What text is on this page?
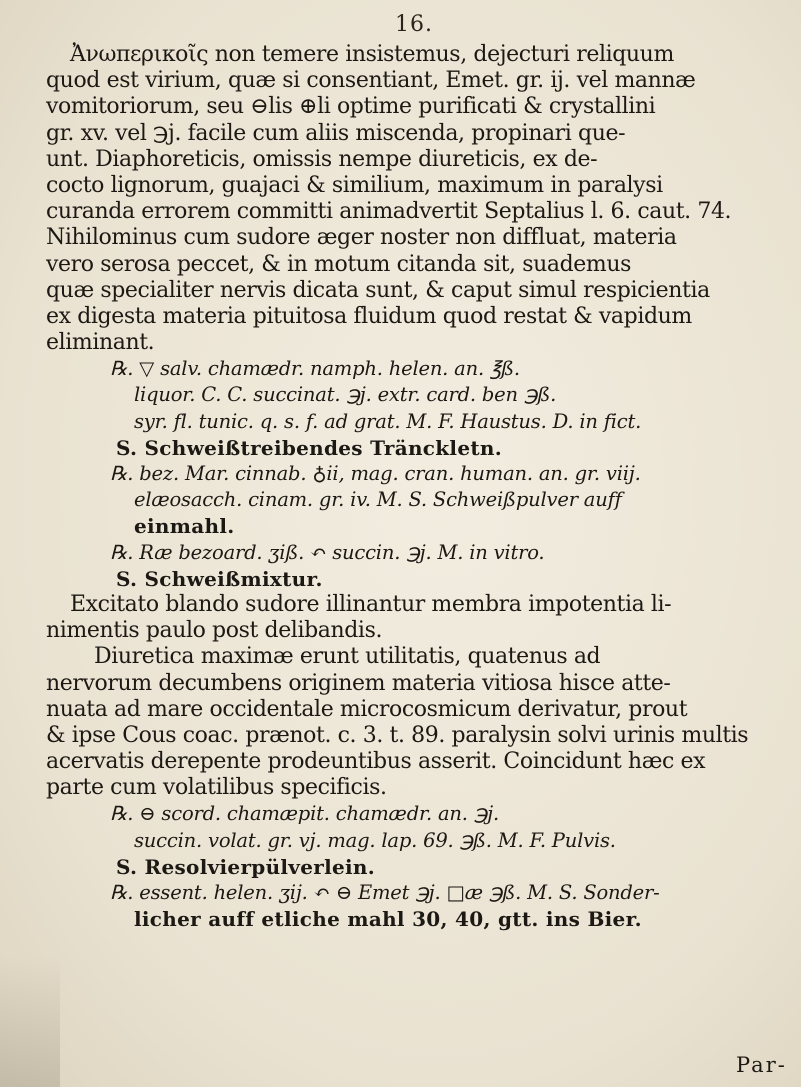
16.
Ἀνωπερικοῖς non temere insistemus, dejecturi reliquum
quod est virium, quæ si consentiant, Emet. gr. ij. vel mannæ
vomitoriorum, seu ⊖lis ⊕li optime purificati & crystallini
gr. xv. vel ℈j. facile cum aliis miscenda, propinari que-
unt. Diaphoreticis, omissis nempe diureticis, ex de-
cocto lignorum, guajaci & similium, maximum in paralysi
curanda errorem committi animadvertit Septalius l. 6. caut. 74.
Nihilominus cum sudore æger noster non diffluat, materia
vero serosa peccet, & in motum citanda sit, suademus
quæ specialiter nervis dicata sunt, & caput simul respicientia
ex digesta materia pituitosa fluidum quod restat & vapidum
eliminant.
℞. ▽ salv. chamædr. namph. helen. an. ℥ß.
liquor. C. C. succinat. ℈j. extr. card. ben ℈ß.
syr. fl. tunic. q. s. f. ad grat. M. F. Haustus. D. in fict.
S. Schweißtreibendes Tränckletn.
℞. bez. Mar. cinnab. ♁ii, mag. cran. human. an. gr. viij.
elæosacch. cinam. gr. iv. M. S. Schweißpulver auff
einmahl.
℞. Ræ bezoard. ʒiß. ↶ succin. ℈j. M. in vitro.
S. Schweißmixtur.
Excitato blando sudore illinantur membra impotentia li-
nimentis paulo post delibandis.
Diuretica maximæ erunt utilitatis, quatenus ad
nervorum decumbens originem materia vitiosa hisce atte-
nuata ad mare occidentale microcosmicum derivatur, prout
& ipse Cous coac. prænot. c. 3. t. 89. paralysin solvi urinis multis
acervatis derepente prodeuntibus asserit. Coincidunt hæc ex
parte cum volatilibus specificis.
℞. ⊖ scord. chamæpit. chamædr. an. ℈j.
succin. volat. gr. vj. mag. lap. 69. ℈ß. M. F. Pulvis.
S. Resolvierpülverlein.
℞. essent. helen. ʒij. ↶ ⊖ Emet ℈j. □æ ℈ß. M. S. Sonder-
licher auff etliche mahl 30, 40, gtt. ins Bier.
Par-
